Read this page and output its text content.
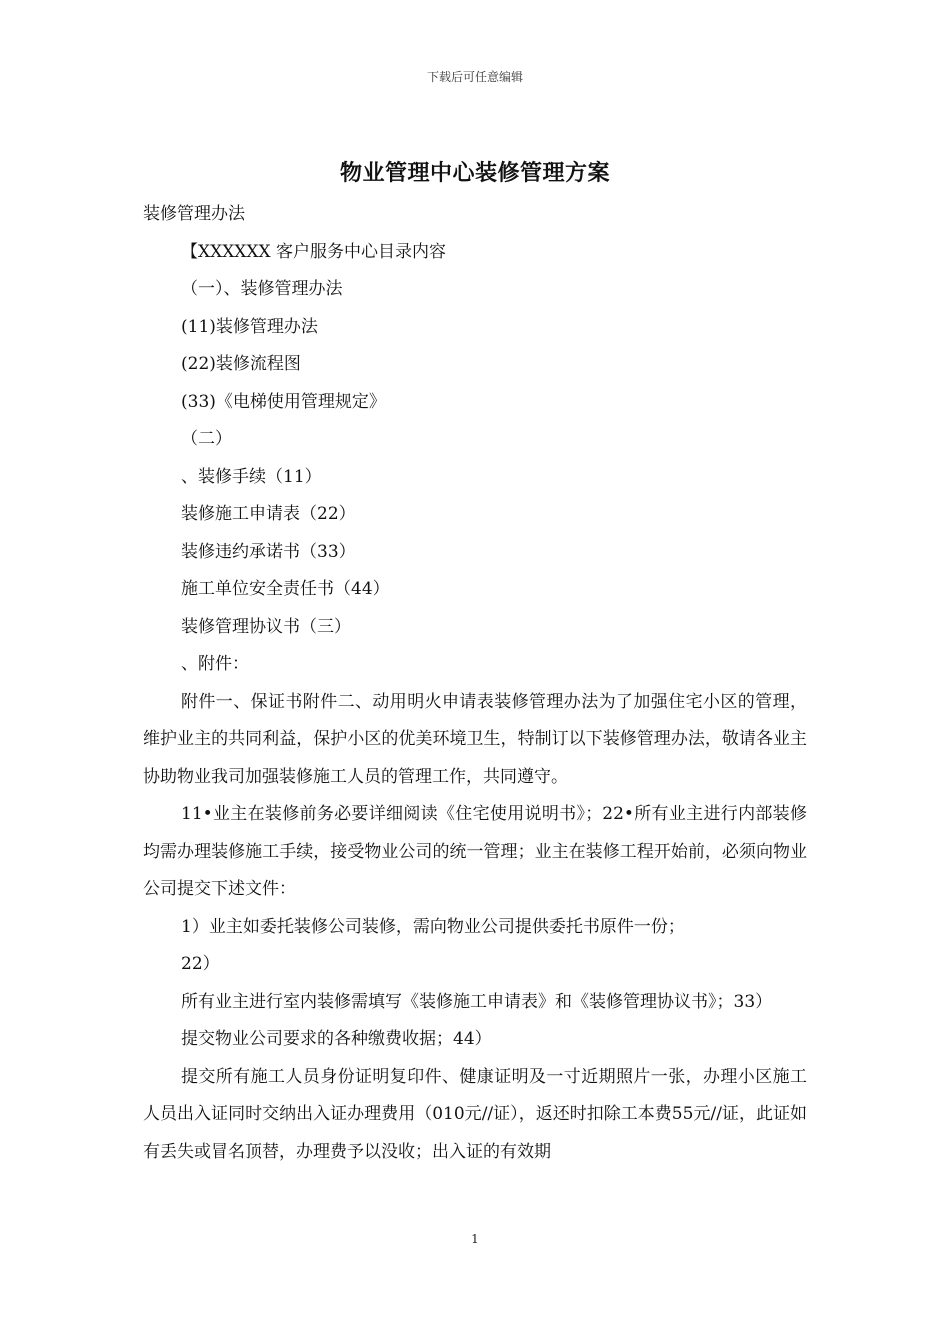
下载后可任意编辑
物业管理中心装修管理方案
装修管理办法
【XXXXXX 客户服务中心目录内容
（一）、装修管理办法
(11)装修管理办法
(22)装修流程图
(33)《电梯使用管理规定》
（二）
、装修手续（11）
装修施工申请表（22）
装修违约承诺书（33）
施工单位安全责任书（44）
装修管理协议书（三）
、附件：

附件一、保证书附件二、动用明火申请表装修管理办法为了加强住宅小区的管理，维护业主的共同利益，保护小区的优美环境卫生，特制订以下装修管理办法，敬请各业主协助物业我司加强装修施工人员的管理工作，共同遵守。

11•业主在装修前务必要详细阅读《住宅使用说明书》；22•所有业主进行内部装修均需办理装修施工手续，接受物业公司的统一管理；业主在装修工程开始前，必须向物业公司提交下述文件：

1）业主如委托装修公司装修，需向物业公司提供委托书原件一份；

22）

所有业主进行室内装修需填写《装修施工申请表》和《装修管理协议书》；33）

提交物业公司要求的各种缴费收据；44）

提交所有施工人员身份证明复印件、健康证明及一寸近期照片一张，办理小区施工人员出入证同时交纳出入证办理费用（010元//证），返还时扣除工本费55元//证，此证如有丢失或冒名顶替，办理费予以没收；出入证的有效期

1
